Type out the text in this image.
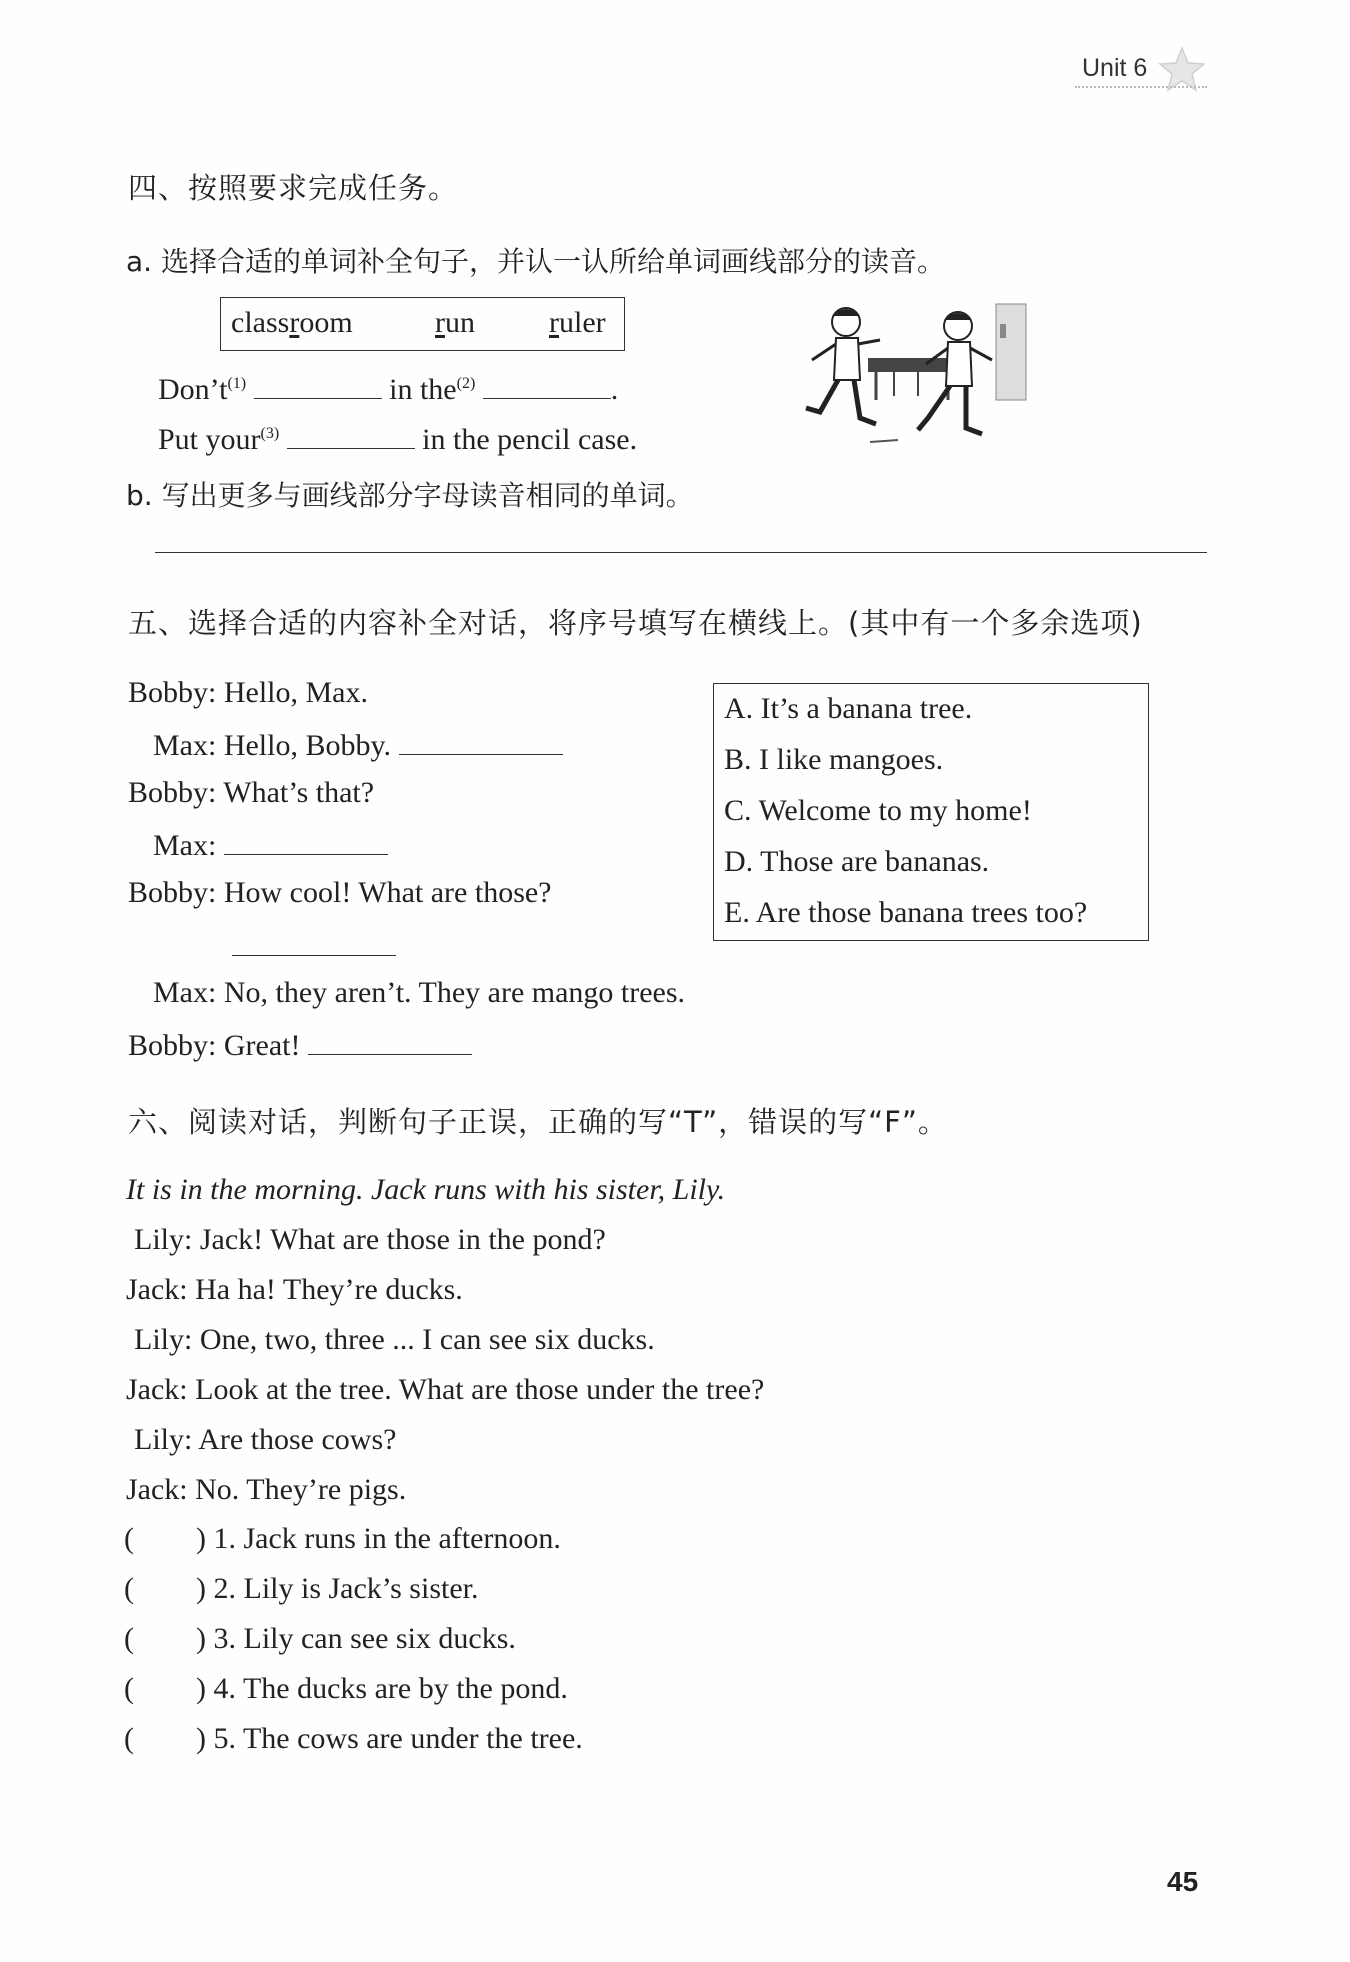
Unit 6
四、按照要求完成任务。
a. 选择合适的单词补全句子，并认一认所给单词画线部分的读音。
classroom	run ruler
$Don’t^{(1)}$	in the$^{(2)}$	.
Put your$^{(3)}$	in the pencil case.
b. 写出更多与画线部分字母读音相同的单词。
五、选择合适的内容补全对话，将序号填写在横线上。(其中有一个多余选项)
Bobby: Hello, Max.
Max: Hello, Bobby.
Bobby: What’s that?
Max:
Bobby: How cool! What are those?
Max: No, they aren’t. They are mango trees.
Bobby: Great!
A. It’s a banana tree.
B. I like mangoes.
C. Welcome to my home!
D. Those are bananas.
E. Are those banana trees too?
六、阅读对话，判断句子正误，正确的写“T”，错误的写“F”。
It is in the morning. Jack runs with his sister, Lily.
Lily: Jack! What are those in the pond?
Jack: Ha ha! They’re ducks.
Lily: One, two, three ... I can see six ducks.
Jack: Look at the tree. What are those under the tree?
Lily: Are those cows?
Jack: No. They’re pigs.
( ) 1. Jack runs in the afternoon.
( ) 2. Lily is Jack’s sister.
( ) 3. Lily can see six ducks.
( ) 4. The ducks are by the pond.
( ) 5. The cows are under the tree.
45
